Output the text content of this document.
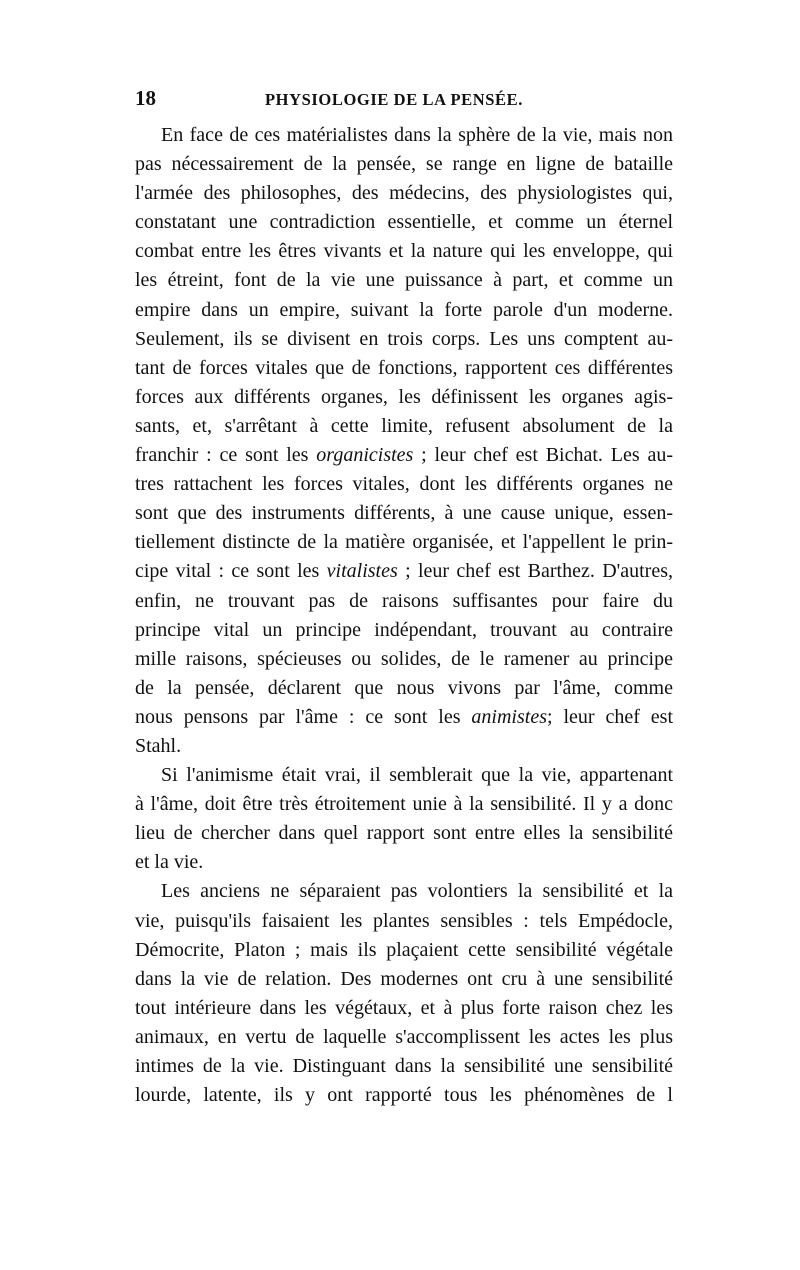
18	PHYSIOLOGIE DE LA PENSÉE.
En face de ces matérialistes dans la sphère de la vie, mais non
pas nécessairement de la pensée, se range en ligne de bataille
l'armée des philosophes, des médecins, des physiologistes qui,
constatant une contradiction essentielle, et comme un éternel
combat entre les êtres vivants et la nature qui les enveloppe, qui
les étreint, font de la vie une puissance à part, et comme un
empire dans un empire, suivant la forte parole d'un moderne.
Seulement, ils se divisent en trois corps. Les uns comptent au-
tant de forces vitales que de fonctions, rapportent ces différentes
forces aux différents organes, les définissent les organes agis-
sants, et, s'arrêtant à cette limite, refusent absolument de la
franchir : ce sont les organicistes ; leur chef est Bichat. Les au-
tres rattachent les forces vitales, dont les différents organes ne
sont que des instruments différents, à une cause unique, essen-
tiellement distincte de la matière organisée, et l'appellent le prin-
cipe vital : ce sont les vitalistes ; leur chef est Barthez. D'autres,
enfin, ne trouvant pas de raisons suffisantes pour faire du
principe vital un principe indépendant, trouvant au contraire
mille raisons, spécieuses ou solides, de le ramener au principe
de la pensée, déclarent que nous vivons par l'âme, comme
nous pensons par l'âme : ce sont les animistes; leur chef est
Stahl.
Si l'animisme était vrai, il semblerait que la vie, appartenant
à l'âme, doit être très étroitement unie à la sensibilité. Il y a donc
lieu de chercher dans quel rapport sont entre elles la sensibilité
et la vie.
Les anciens ne séparaient pas volontiers la sensibilité et la
vie, puisqu'ils faisaient les plantes sensibles : tels Empédocle,
Démocrite, Platon ; mais ils plaçaient cette sensibilité végétale
dans la vie de relation. Des modernes ont cru à une sensibilité
tout intérieure dans les végétaux, et à plus forte raison chez les
animaux, en vertu de laquelle s'accomplissent les actes les plus
intimes de la vie. Distinguant dans la sensibilité une sensibilité
lourde, latente, ils y ont rapporté tous les phénomènes de l
